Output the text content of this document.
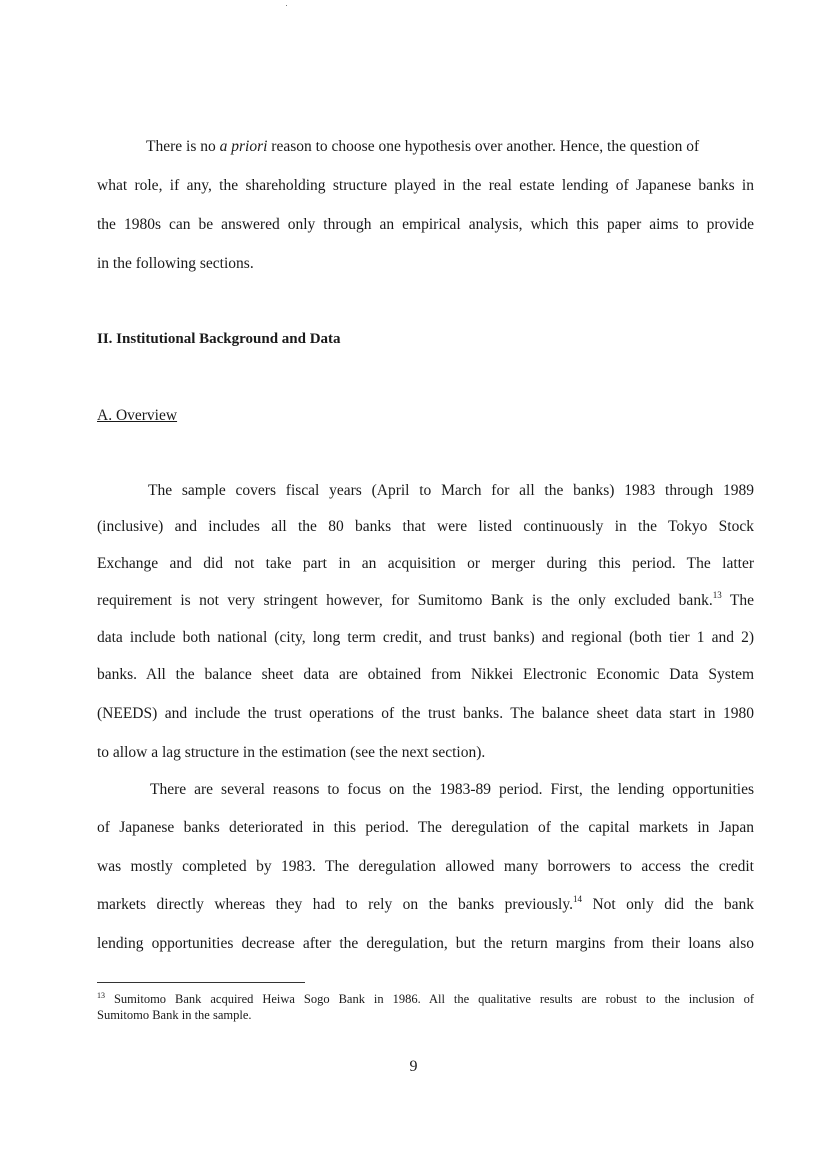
There is no a priori reason to choose one hypothesis over another. Hence, the question of
what role, if any, the shareholding structure played in the real estate lending of Japanese banks in
the 1980s can be answered only through an empirical analysis, which this paper aims to provide
in the following sections.
II. Institutional Background and Data
A. Overview
The sample covers fiscal years (April to March for all the banks) 1983 through 1989
(inclusive) and includes all the 80 banks that were listed continuously in the Tokyo Stock
Exchange and did not take part in an acquisition or merger during this period. The latter
requirement is not very stringent however, for Sumitomo Bank is the only excluded bank.$^{13}$ The
data include both national (city, long term credit, and trust banks) and regional (both tier 1 and 2)
banks. All the balance sheet data are obtained from Nikkei Electronic Economic Data System
(NEEDS) and include the trust operations of the trust banks. The balance sheet data start in 1980
to allow a lag structure in the estimation (see the next section).
There are several reasons to focus on the 1983-89 period. First, the lending opportunities
of Japanese banks deteriorated in this period. The deregulation of the capital markets in Japan
was mostly completed by 1983. The deregulation allowed many borrowers to access the credit
markets directly whereas they had to rely on the banks previously.$^{14}$ Not only did the bank
lending opportunities decrease after the deregulation, but the return margins from their loans also
$^{13}$ Sumitomo Bank acquired Heiwa Sogo Bank in 1986. All the qualitative results are robust to the inclusion of
Sumitomo Bank in the sample.
9
